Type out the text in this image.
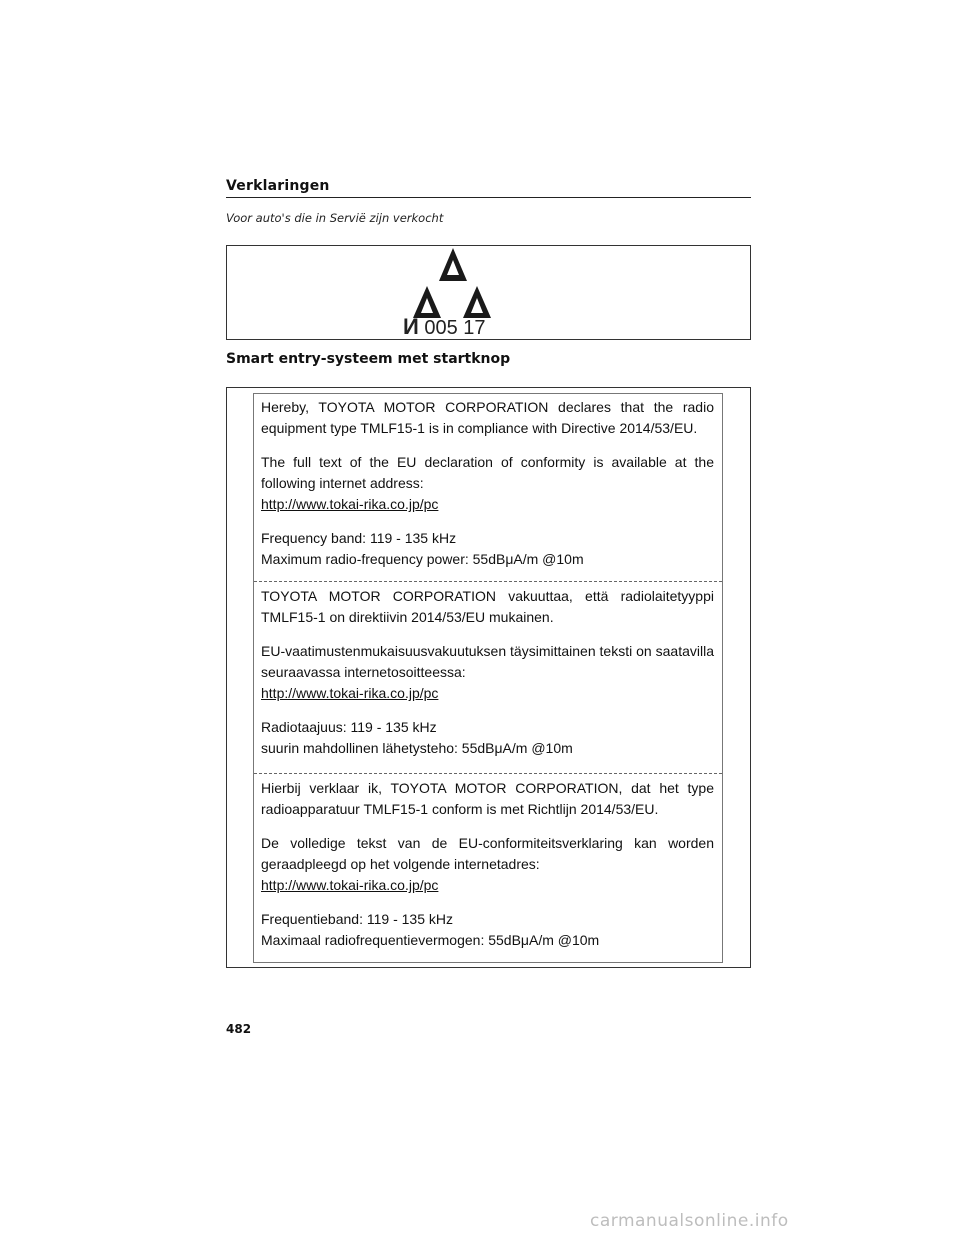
Verklaringen
Voor auto's die in Servië zijn verkocht
И 005 17
Smart entry-systeem met startknop

Hereby, TOYOTA MOTOR CORPORATION declares that the radio equipment type TMLF15-1 is in compliance with Directive 2014/53/EU.

The full text of the EU declaration of conformity is available at the following internet address:

http://www.tokai-rika.co.jp/pc

Frequency band: 119 - 135 kHz

Maximum radio-frequency power: 55dBμA/m @10m

TOYOTA MOTOR CORPORATION vakuuttaa, että radiolaitetyyppi TMLF15-1 on direktiivin 2014/53/EU mukainen.

EU-vaatimustenmukaisuusvakuutuksen täysimittainen teksti on saatavilla seuraavassa internetosoitteessa:

http://www.tokai-rika.co.jp/pc

Radiotaajuus: 119 - 135 kHz

suurin mahdollinen lähetysteho: 55dBμA/m @10m

Hierbij verklaar ik, TOYOTA MOTOR CORPORATION, dat het type radioapparatuur TMLF15-1 conform is met Richtlijn 2014/53/EU.

De volledige tekst van de EU-conformiteitsverklaring kan worden geraadpleegd op het volgende internetadres:

http://www.tokai-rika.co.jp/pc

Frequentieband: 119 - 135 kHz

Maximaal radiofrequentievermogen: 55dBμA/m @10m

482
carmanualsonline.info
